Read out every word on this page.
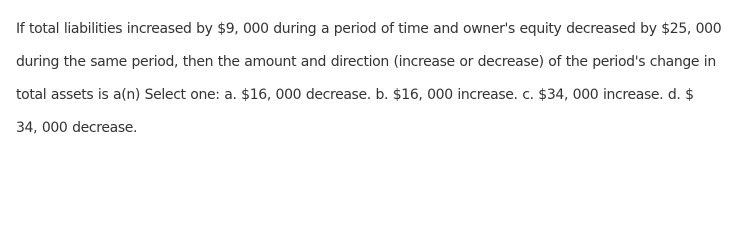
If total liabilities increased by $9, 000 during a period of time and owner's equity decreased by $25, 000
during the same period, then the amount and direction (increase or decrease) of the period's change in
total assets is a(n) Select one: a. $16, 000 decrease. b. $16, 000 increase. c. $34, 000 increase. d. $
34, 000 decrease.
